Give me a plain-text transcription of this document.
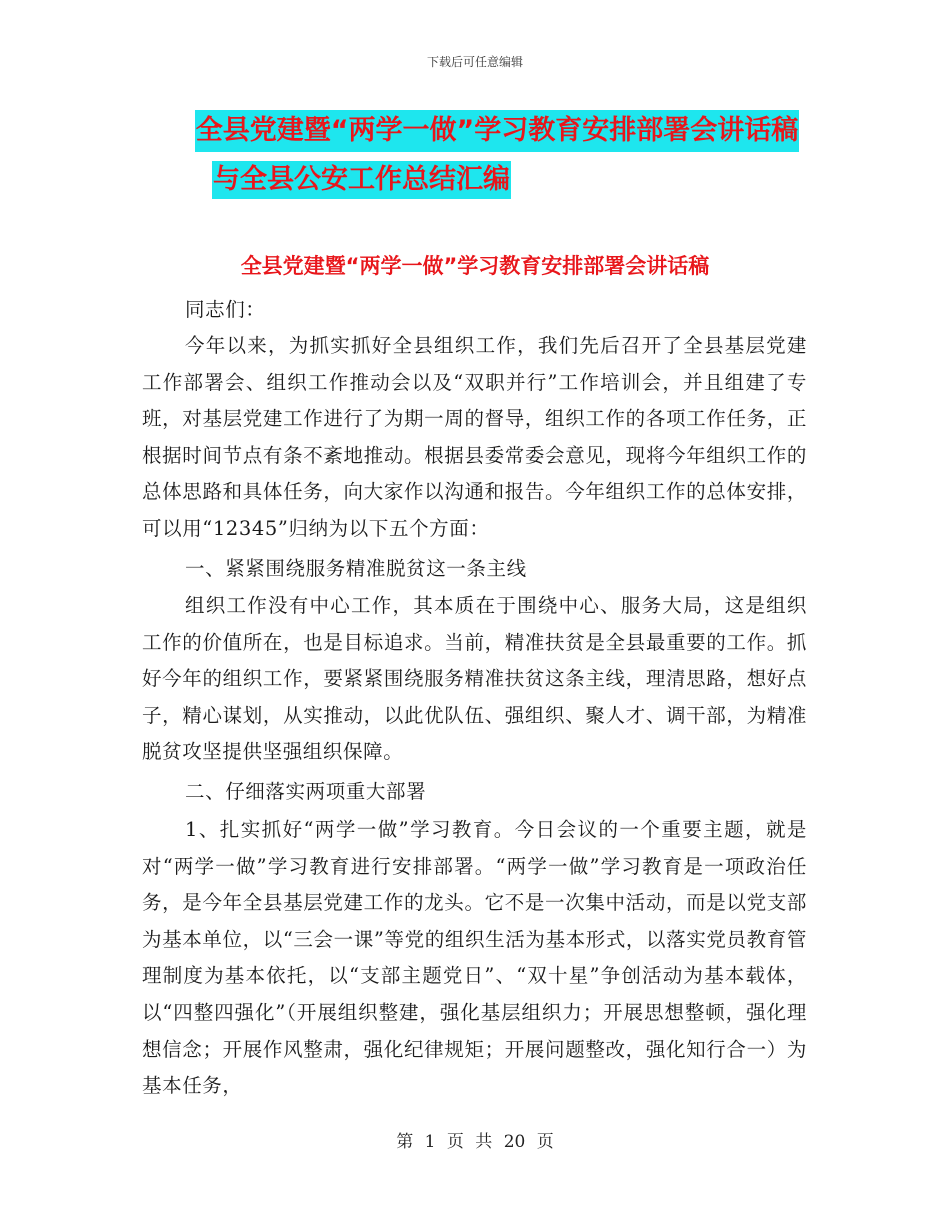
下载后可任意编辑
全县党建暨“两学一做”学习教育安排部署会讲话稿
与全县公安工作总结汇编
全县党建暨“两学一做”学习教育安排部署会讲话稿

同志们：

今年以来，为抓实抓好全县组织工作，我们先后召开了全县基层党建工作部署会、组织工作推动会以及“双职并行”工作培训会，并且组建了专班，对基层党建工作进行了为期一周的督导，组织工作的各项工作任务，正根据时间节点有条不紊地推动。根据县委常委会意见，现将今年组织工作的总体思路和具体任务，向大家作以沟通和报告。今年组织工作的总体安排，可以用“12345”归纳为以下五个方面：

一、紧紧围绕服务精准脱贫这一条主线

组织工作没有中心工作，其本质在于围绕中心、服务大局，这是组织工作的价值所在，也是目标追求。当前，精准扶贫是全县最重要的工作。抓好今年的组织工作，要紧紧围绕服务精准扶贫这条主线，理清思路，想好点子，精心谋划，从实推动，以此优队伍、强组织、聚人才、调干部，为精准脱贫攻坚提供坚强组织保障。

二、仔细落实两项重大部署

1、扎实抓好“两学一做”学习教育。今日会议的一个重要主题，就是对“两学一做”学习教育进行安排部署。“两学一做”学习教育是一项政治任务，是今年全县基层党建工作的龙头。它不是一次集中活动，而是以党支部为基本单位，以“三会一课”等党的组织生活为基本形式，以落实党员教育管理制度为基本依托，以“支部主题党日”、“双十星”争创活动为基本载体，以“四整四强化”（开展组织整建，强化基层组织力；开展思想整顿，强化理想信念；开展作风整肃，强化纪律规矩；开展问题整改，强化知行合一）为基本任务，

第 1 页 共 20 页
